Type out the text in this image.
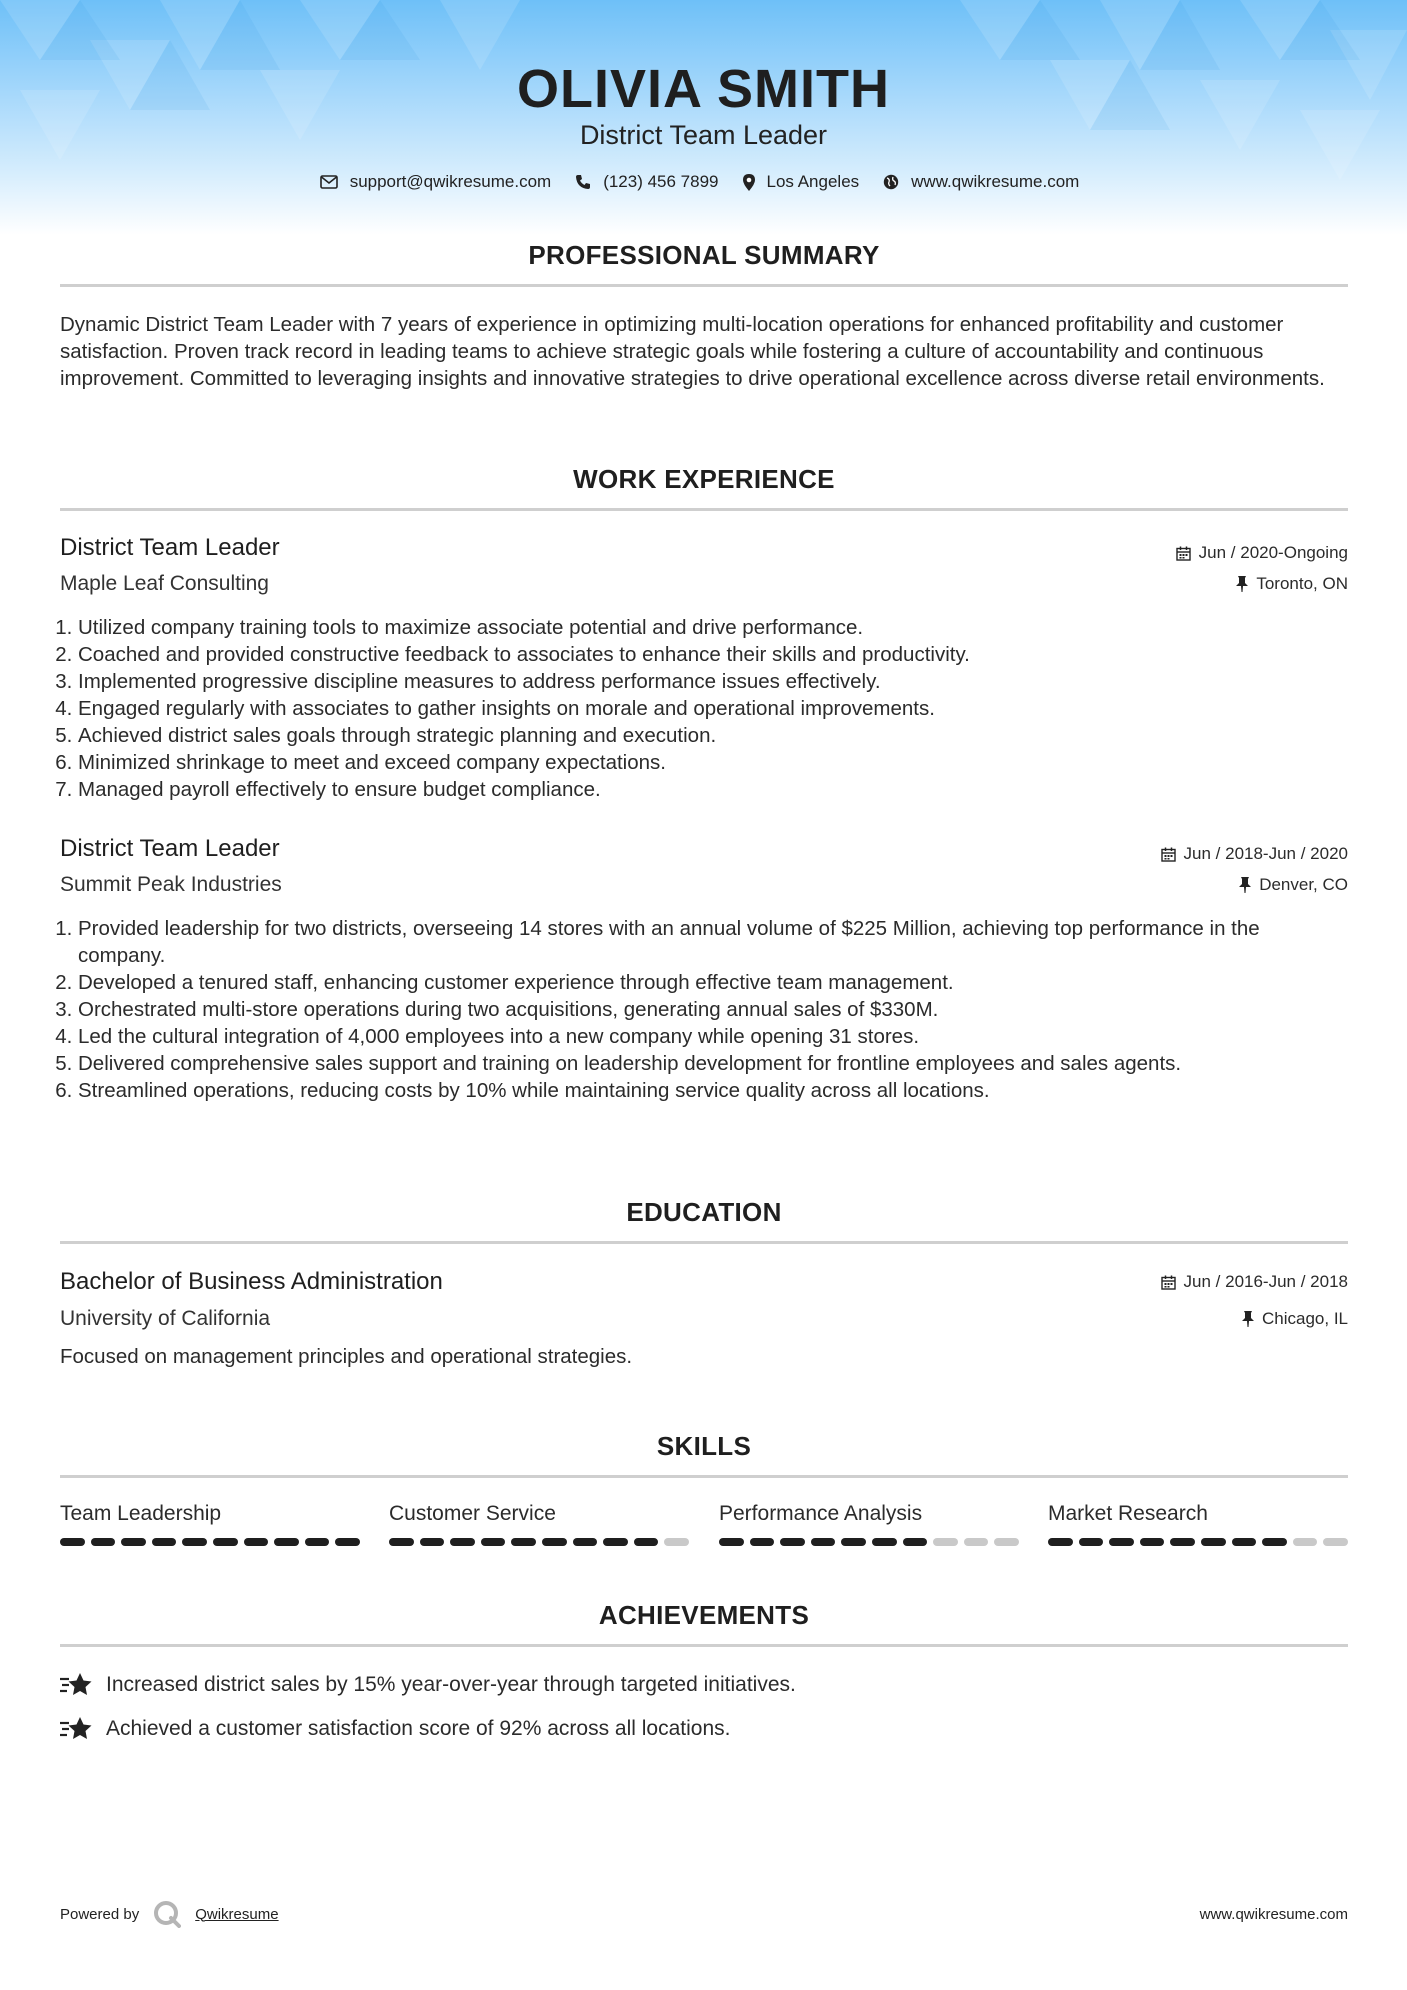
OLIVIA SMITH
District Team Leader
support@qwikresume.com	(123) 456 7899	Los Angeles	www.qwikresume.com
PROFESSIONAL SUMMARY
Dynamic District Team Leader with 7 years of experience in optimizing multi-location operations for enhanced profitability and customer satisfaction. Proven track record in leading teams to achieve strategic goals while fostering a culture of accountability and continuous improvement. Committed to leveraging insights and innovative strategies to drive operational excellence across diverse retail environments.
WORK EXPERIENCE
District Team Leader	Jun / 2020-Ongoing
Maple Leaf Consulting	Toronto, ON
1. Utilized company training tools to maximize associate potential and drive performance.
2. Coached and provided constructive feedback to associates to enhance their skills and productivity.
3. Implemented progressive discipline measures to address performance issues effectively.
4. Engaged regularly with associates to gather insights on morale and operational improvements.
5. Achieved district sales goals through strategic planning and execution.
6. Minimized shrinkage to meet and exceed company expectations.
7. Managed payroll effectively to ensure budget compliance.
District Team Leader	Jun / 2018-Jun / 2020
Summit Peak Industries	Denver, CO
1. Provided leadership for two districts, overseeing 14 stores with an annual volume of $225 Million, achieving top performance in the company.
2. Developed a tenured staff, enhancing customer experience through effective team management.
3. Orchestrated multi-store operations during two acquisitions, generating annual sales of $330M.
4. Led the cultural integration of 4,000 employees into a new company while opening 31 stores.
5. Delivered comprehensive sales support and training on leadership development for frontline employees and sales agents.
6. Streamlined operations, reducing costs by 10% while maintaining service quality across all locations.
EDUCATION
Bachelor of Business Administration	Jun / 2016-Jun / 2018
University of California	Chicago, IL
Focused on management principles and operational strategies.
SKILLS
Team Leadership	Customer Service	Performance Analysis	Market Research
ACHIEVEMENTS
Increased district sales by 15% year-over-year through targeted initiatives.
Achieved a customer satisfaction score of 92% across all locations.
Powered by	Qwikresume	www.qwikresume.com
